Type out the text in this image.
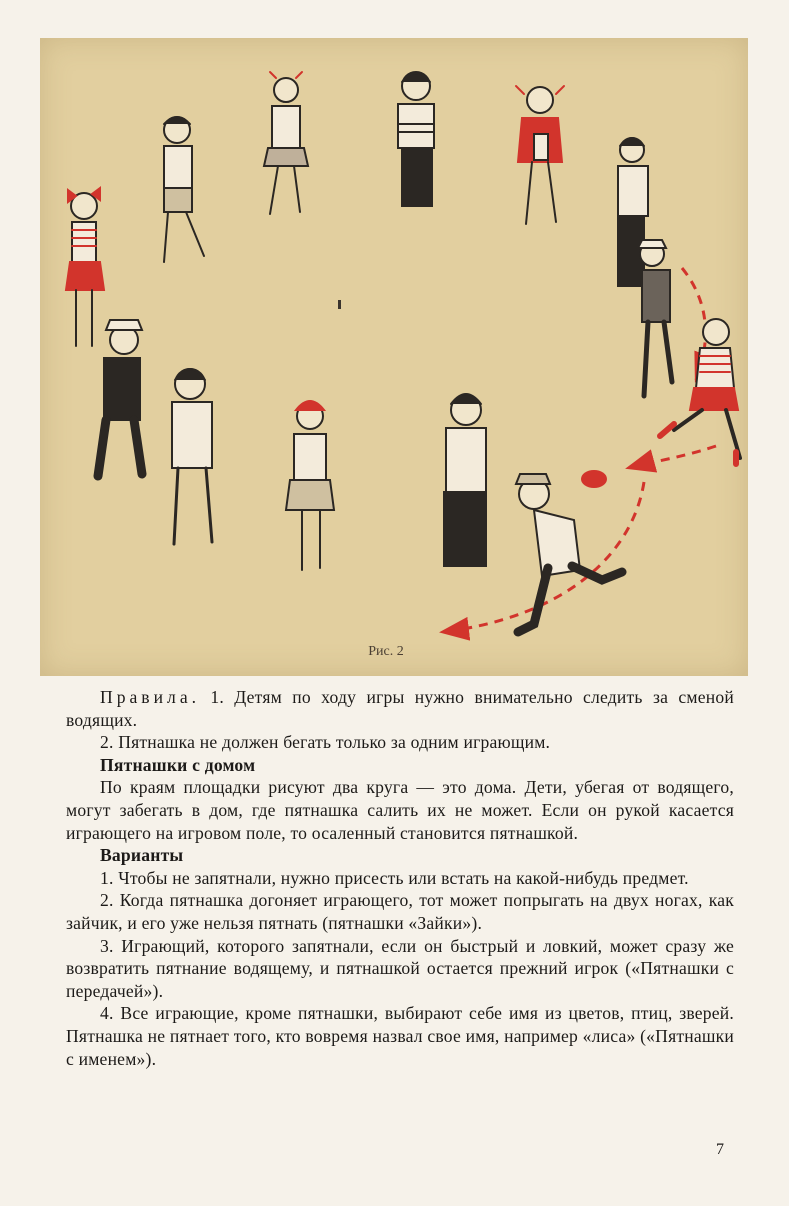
Рис. 2

Правила. 1. Детям по ходу игры нужно внимательно следить за сменой водящих.

2. Пятнашка не должен бегать только за одним играющим.

Пятнашки с домом

По краям площадки рисуют два круга — это дома. Дети, убегая от водящего, могут забегать в дом, где пятнашка салить их не может. Если он рукой касается играющего на игровом поле, то осаленный становится пятнашкой.

Варианты

1. Чтобы не запятнали, нужно присесть или встать на какой-нибудь предмет.

2. Когда пятнашка догоняет играющего, тот может попрыгать на двух ногах, как зайчик, и его уже нельзя пятнать (пятнашки «Зайки»).

3. Играющий, которого запятнали, если он быстрый и ловкий, может сразу же возвратить пятнание водящему, и пятнашкой остается прежний игрок («Пятнашки с передачей»).

4. Все играющие, кроме пятнашки, выбирают себе имя из цветов, птиц, зверей. Пятнашка не пятнает того, кто вовремя назвал свое имя, например «лиса» («Пятнашки с именем»).

7
